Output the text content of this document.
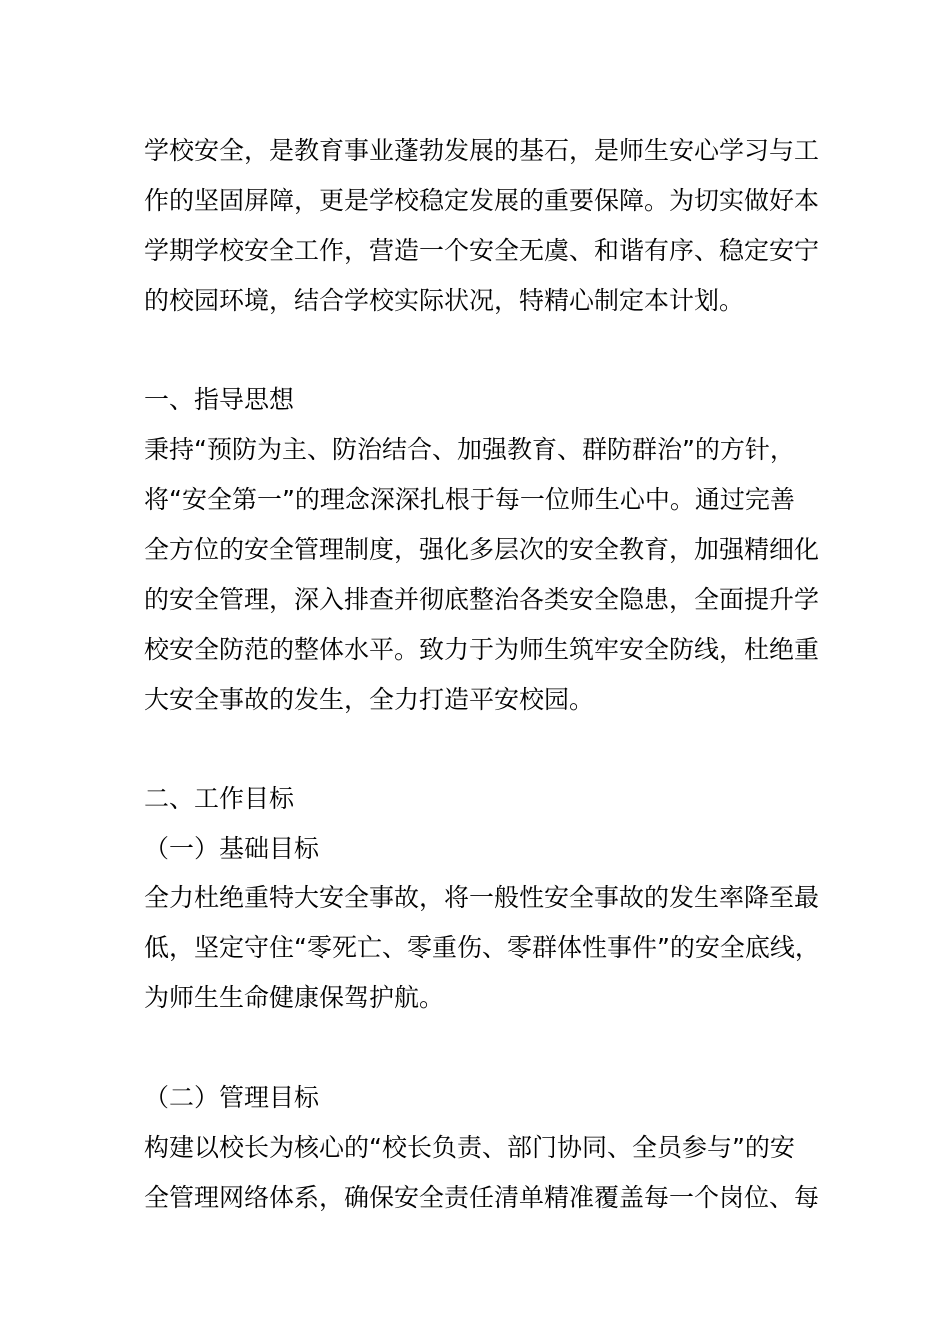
学校安全，是教育事业蓬勃发展的基石，是师生安心学习与工
作的坚固屏障，更是学校稳定发展的重要保障。为切实做好本
学期学校安全工作，营造一个安全无虞、和谐有序、稳定安宁
的校园环境，结合学校实际状况，特精心制定本计划。
一、指导思想
秉持“预防为主、防治结合、加强教育、群防群治”的方针，
将“安全第一”的理念深深扎根于每一位师生心中。通过完善
全方位的安全管理制度，强化多层次的安全教育，加强精细化
的安全管理，深入排查并彻底整治各类安全隐患，全面提升学
校安全防范的整体水平。致力于为师生筑牢安全防线，杜绝重
大安全事故的发生，全力打造平安校园。
二、工作目标
（一）基础目标
全力杜绝重特大安全事故，将一般性安全事故的发生率降至最
低，坚定守住“零死亡、零重伤、零群体性事件”的安全底线，
为师生生命健康保驾护航。
（二）管理目标
构建以校长为核心的“校长负责、部门协同、全员参与”的安
全管理网络体系，确保安全责任清单精准覆盖每一个岗位、每
